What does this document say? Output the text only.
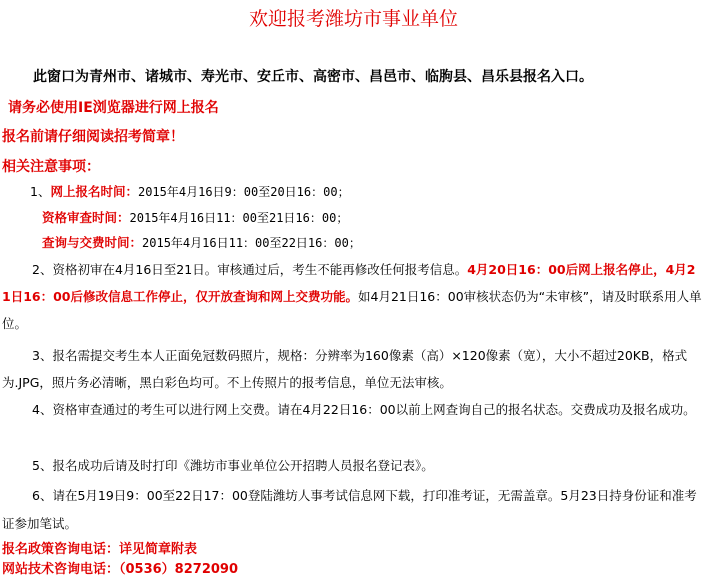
欢迎报考潍坊市事业单位
此窗口为青州市、诸城市、寿光市、安丘市、高密市、昌邑市、临朐县、昌乐县报名入口。
请务必使用IE浏览器进行网上报名
报名前请仔细阅读招考简章！
相关注意事项：
1、网上报名时间：2015年4月16日9：00至20日16：00；
资格审查时间：2015年4月16日11：00至21日16：00；
查询与交费时间：2015年4月16日11：00至22日16：00；
2、资格初审在4月16日至21日。审核通过后，考生不能再修改任何报考信息。4月20日16：00后网上报名停止，4月21日16：00后修改信息工作停止，仅开放查询和网上交费功能。如4月21日16：00审核状态仍为“未审核”，请及时联系用人单位。
3、报名需提交考生本人正面免冠数码照片，规格：分辨率为160像素（高）×120像素（宽），大小不超过20KB，格式为.JPG，照片务必清晰，黑白彩色均可。不上传照片的报考信息，单位无法审核。
4、资格审查通过的考生可以进行网上交费。请在4月22日16：00以前上网查询自己的报名状态。交费成功及报名成功。
5、报名成功后请及时打印《潍坊市事业单位公开招聘人员报名登记表》。
6、请在5月19日9：00至22日17：00登陆潍坊人事考试信息网下载，打印准考证，无需盖章。5月23日持身份证和准考证参加笔试。
报名政策咨询电话：详见简章附表
网站技术咨询电话：（0536）8272090
